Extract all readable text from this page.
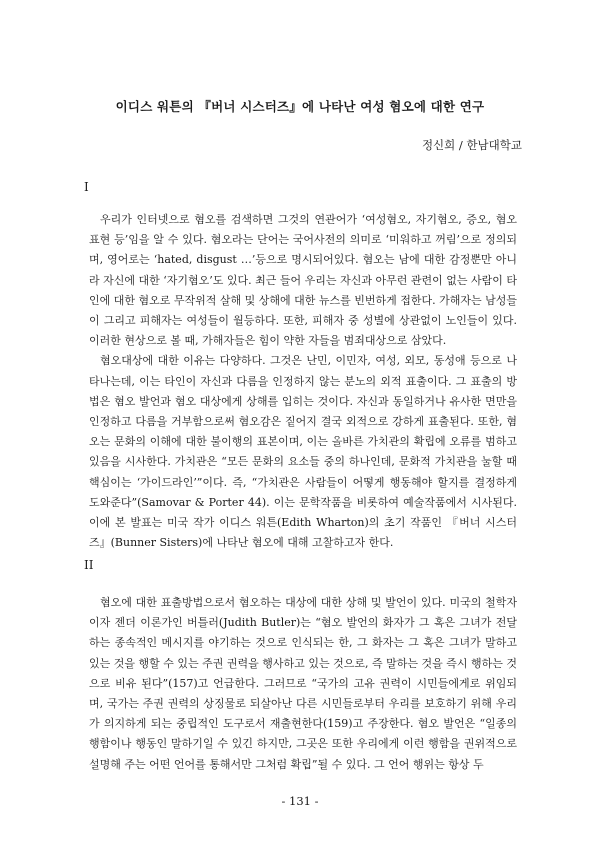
이디스 워튼의 『버너 시스터즈』에 나타난 여성 혐오에 대한 연구
정신희 / 한남대학교
I

우리가 인터넷으로 혐오를 검색하면 그것의 연관어가 ‘여성혐오, 자기혐오, 증오, 혐오표현 등’임을 알 수 있다. 혐오라는 단어는 국어사전의 의미로 ‘미워하고 꺼림’으로 정의되며, 영어로는 ‘hated, disgust …’등으로 명시되어있다. 혐오는 남에 대한 감정뿐만 아니라 자신에 대한 ‘자기혐오’도 있다. 최근 들어 우리는 자신과 아무런 관련이 없는 사람이 타인에 대한 혐오로 무작위적 살해 및 상해에 대한 뉴스를 빈번하게 접한다. 가해자는 남성들이 그리고 피해자는 여성들이 월등하다. 또한, 피해자 중 성별에 상관없이 노인들이 있다. 이러한 현상으로 볼 때, 가해자들은 힘이 약한 자들을 범죄대상으로 삼았다.

혐오대상에 대한 이유는 다양하다. 그것은 난민, 이민자, 여성, 외모, 동성애 등으로 나타나는데, 이는 타인이 자신과 다름을 인정하지 않는 분노의 외적 표출이다. 그 표출의 방법은 혐오 발언과 혐오 대상에게 상해를 입히는 것이다. 자신과 동일하거나 유사한 면만을 인정하고 다름을 거부함으로써 혐오감은 짙어지 결국 외적으로 강하게 표출된다. 또한, 혐오는 문화의 이해에 대한 불이행의 표본이며, 이는 올바른 가치관의 확립에 오류를 범하고 있음을 시사한다. 가치관은 “모든 문화의 요소들 중의 하나인데, 문화적 가치관을 눌할 때 핵심이는 ‘가이드라인’”이다. 즉, “가치관은 사람들이 어떻게 행동해야 할지를 결정하게 도와준다”(Samovar & Porter 44). 이는 문학작품을 비롯하여 예술작품에서 시사된다. 이에 본 발표는 미국 작가 이디스 워튼(Edith Wharton)의 초기 작품인 『버너 시스터즈』(Bunner Sisters)에 나타난 혐오에 대해 고찰하고자 한다.

II

혐오에 대한 표출방법으로서 혐오하는 대상에 대한 상해 및 발언이 있다. 미국의 철학자이자 젠더 이론가인 버틀러(Judith Butler)는 “혐오 발언의 화자가 그 혹은 그녀가 전달하는 종속적인 메시지를 야기하는 것으로 인식되는 한, 그 화자는 그 혹은 그녀가 말하고 있는 것을 행할 수 있는 주권 권력을 행사하고 있는 것으로, 즉 말하는 것을 즉시 행하는 것으로 비유 된다”(157)고 언급한다. 그러므로 “국가의 고유 권력이 시민들에게로 위임되며, 국가는 주권 권력의 상징물로 되살아난 다른 시민들로부터 우리를 보호하기 위해 우리가 의지하게 되는 중립적인 도구로서 재출현한다(159)고 주장한다. 혐오 발언은 “일종의 행함이나 행동인 말하기일 수 있긴 하지만, 그곳은 또한 우리에게 이런 행함을 권위적으로 설명해 주는 어떤 언어를 통해서만 그처럼 확립”될 수 있다. 그 언어 행위는 항상 두

- 131 -
